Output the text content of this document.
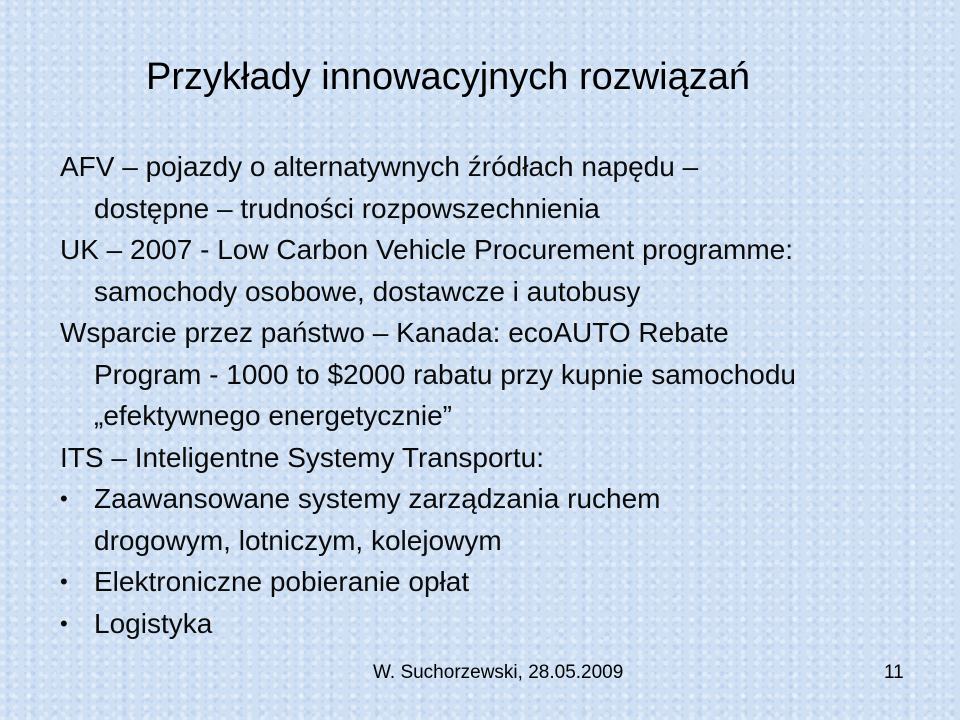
Przykłady innowacyjnych rozwiązań

AFV – pojazdy o alternatywnych źródłach napędu –
dostępne – trudności rozpowszechnienia

UK – 2007 - Low Carbon Vehicle Procurement programme:
samochody osobowe, dostawcze i autobusy

Wsparcie przez państwo – Kanada: ecoAUTO Rebate
Program - 1000 to $2000 rabatu przy kupnie samochodu
„efektywnego energetycznie”

ITS – Inteligentne Systemy Transportu:

• Zaawansowane systemy zarządzania ruchem
drogowym, lotniczym, kolejowym
• Elektroniczne pobieranie opłat
• Logistyka
W. Suchorzewski, 28.05.2009	11
